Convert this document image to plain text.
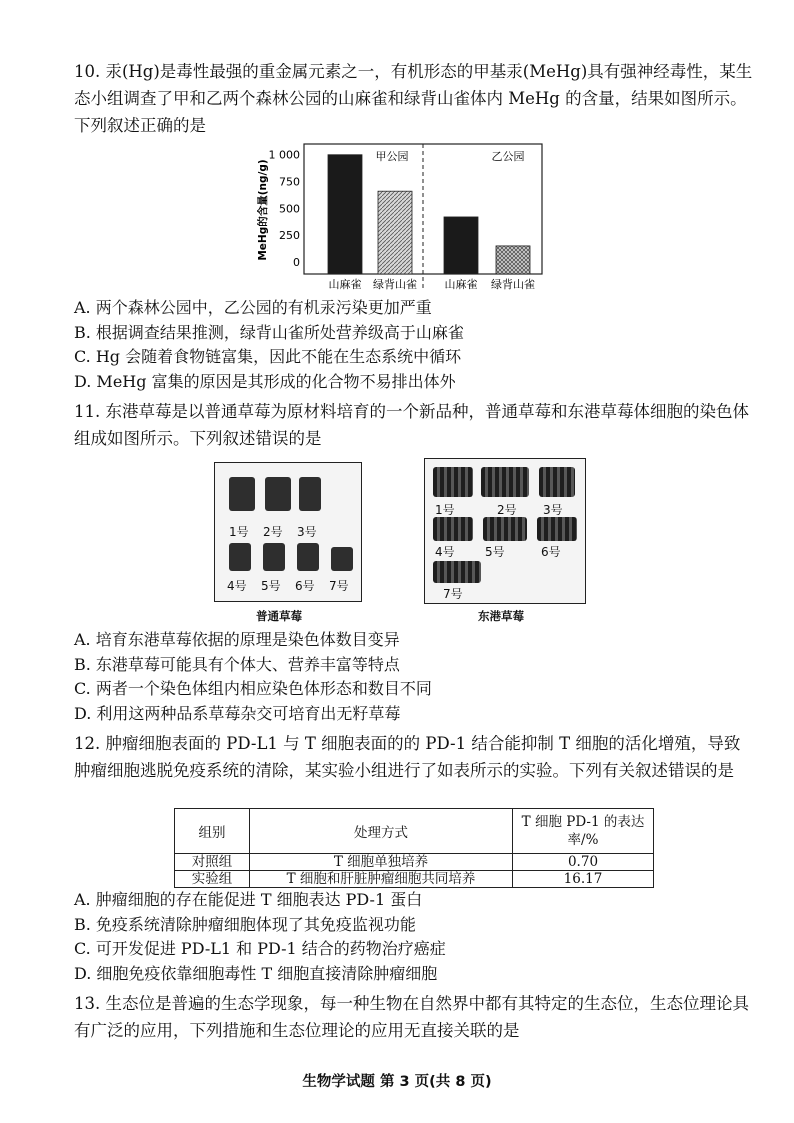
10. 汞(Hg)是毒性最强的重金属元素之一，有机形态的甲基汞(MeHg)具有强神经毒性，某生态小组调查了甲和乙两个森林公园的山麻雀和绿背山雀体内 MeHg 的含量，结果如图所示。下列叙述正确的是

MeHg的含量(ng/g)
0
250
500
750
1 000
山麻雀 绿背山雀	山麻雀 绿背山雀
甲公园	乙公园
A. 两个森林公园中，乙公园的有机汞污染更加严重
B. 根据调查结果推测，绿背山雀所处营养级高于山麻雀
C. Hg 会随着食物链富集，因此不能在生态系统中循环
D. MeHg 富集的原因是其形成的化合物不易排出体外

11. 东港草莓是以普通草莓为原材料培育的一个新品种，普通草莓和东港草莓体细胞的染色体组成如图所示。下列叙述错误的是

1号 2号 3号
4号 5号 6号 7号
普通草莓
1号	2号 3号
4号	5号	6号
7号
东港草莓
A. 培育东港草莓依据的原理是染色体数目变异
B. 东港草莓可能具有个体大、营养丰富等特点
C. 两者一个染色体组内相应染色体形态和数目不同
D. 利用这两种品系草莓杂交可培育出无籽草莓

12. 肿瘤细胞表面的 PD-L1 与 T 细胞表面的的 PD-1 结合能抑制 T 细胞的活化增殖，导致肿瘤细胞逃脱免疫系统的清除，某实验小组进行了如表所示的实验。下列有关叙述错误的是

组别	处理方式	T 细胞 PD-1 的表达率/%
对照组	T 细胞单独培养	0.70
实验组	T 细胞和肝脏肿瘤细胞共同培养	16.17
A. 肿瘤细胞的存在能促进 T 细胞表达 PD-1 蛋白
B. 免疫系统清除肿瘤细胞体现了其免疫监视功能
C. 可开发促进 PD-L1 和 PD-1 结合的药物治疗癌症
D. 细胞免疫依靠细胞毒性 T 细胞直接清除肿瘤细胞

13. 生态位是普遍的生态学现象，每一种生物在自然界中都有其特定的生态位，生态位理论具有广泛的应用，下列措施和生态位理论的应用无直接关联的是

生物学试题 第 3 页(共 8 页)
